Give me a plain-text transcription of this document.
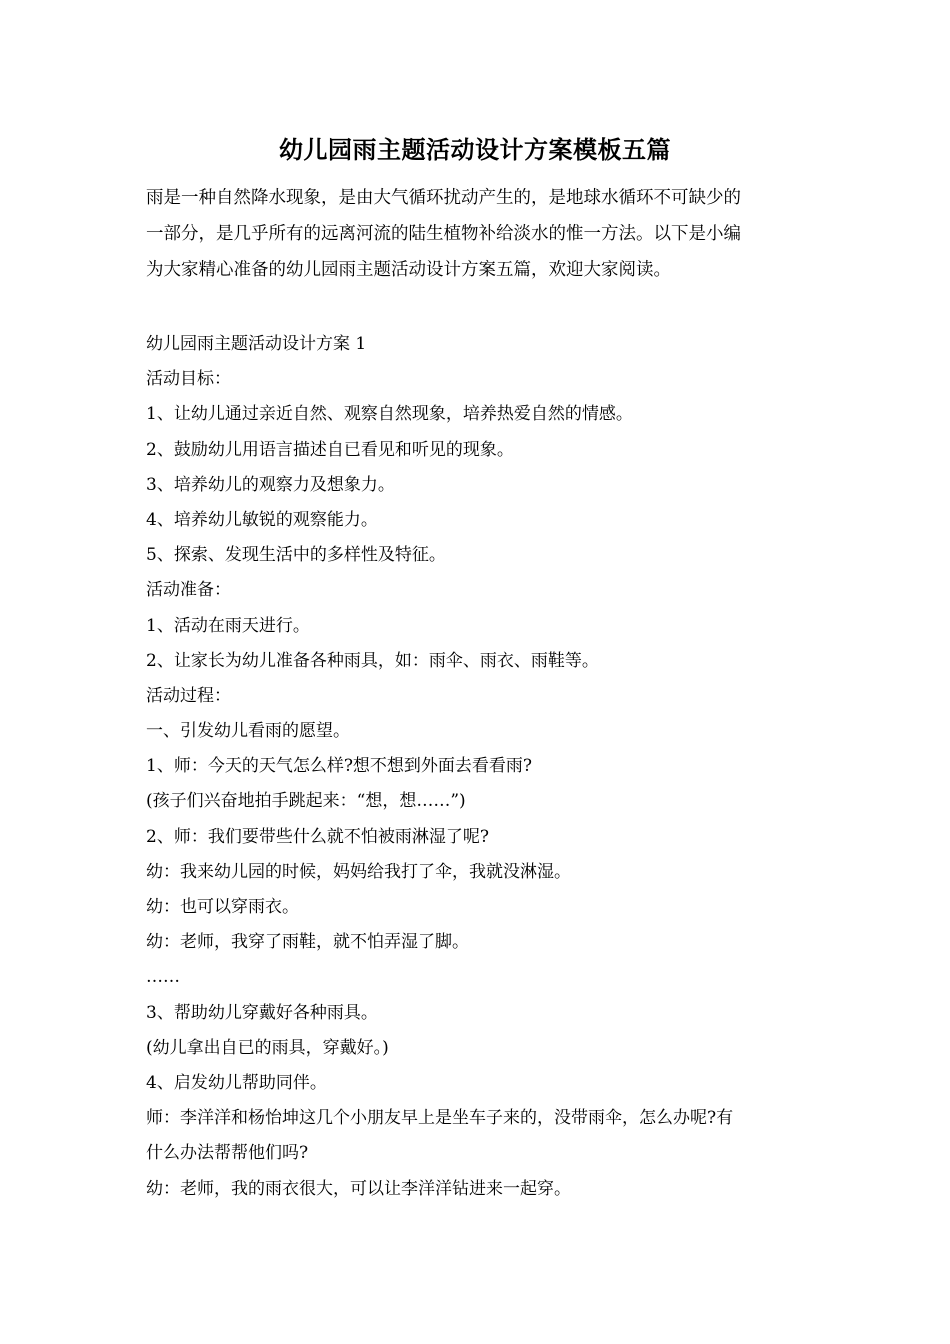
幼儿园雨主题活动设计方案模板五篇
雨是一种自然降水现象，是由大气循环扰动产生的，是地球水循环不可缺少的
一部分，是几乎所有的远离河流的陆生植物补给淡水的惟一方法。以下是小编
为大家精心准备的幼儿园雨主题活动设计方案五篇，欢迎大家阅读。
幼儿园雨主题活动设计方案 1
活动目标：
1、让幼儿通过亲近自然、观察自然现象，培养热爱自然的情感。
2、鼓励幼儿用语言描述自已看见和听见的现象。
3、培养幼儿的观察力及想象力。
4、培养幼儿敏锐的观察能力。
5、探索、发现生活中的多样性及特征。
活动准备：
1、活动在雨天进行。
2、让家长为幼儿准备各种雨具，如：雨伞、雨衣、雨鞋等。
活动过程：
一、引发幼儿看雨的愿望。
1、师：今天的天气怎么样?想不想到外面去看看雨?
(孩子们兴奋地拍手跳起来：“想，想……”)
2、师：我们要带些什么就不怕被雨淋湿了呢?
幼：我来幼儿园的时候，妈妈给我打了伞，我就没淋湿。
幼：也可以穿雨衣。
幼：老师，我穿了雨鞋，就不怕弄湿了脚。
……
3、帮助幼儿穿戴好各种雨具。
(幼儿拿出自已的雨具，穿戴好。)
4、启发幼儿帮助同伴。
师：李洋洋和杨怡坤这几个小朋友早上是坐车子来的，没带雨伞，怎么办呢?有
什么办法帮帮他们吗?
幼：老师，我的雨衣很大，可以让李洋洋钻进来一起穿。
